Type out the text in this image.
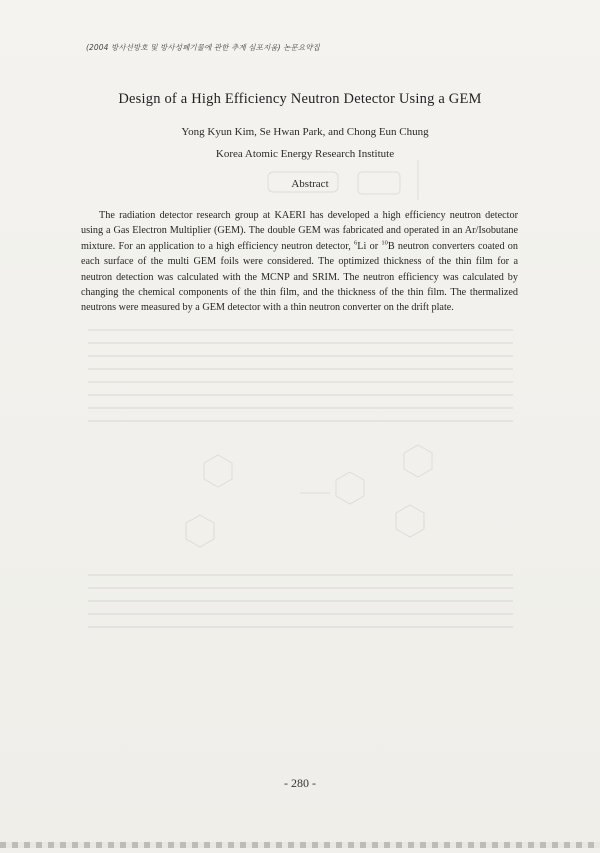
(2004 방사선방호 및 방사성폐기물에 관한 추계 심포지움) 논문요약집
Design of a High Efficiency Neutron Detector Using a GEM
Yong Kyun Kim, Se Hwan Park, and Chong Eun Chung
Korea Atomic Energy Research Institute
Abstract

The radiation detector research group at KAERI has developed a high efficiency neutron detector using a Gas Electron Multiplier (GEM). The double GEM was fabricated and operated in an Ar/Isobutane mixture. For an application to a high efficiency neutron detector, $^6$Li or $^{10}$B neutron converters coated on each surface of the multi GEM foils were considered. The optimized thickness of the thin film for a neutron detection was calculated with the MCNP and SRIM. The neutron efficiency was calculated by changing the chemical components of the thin film, and the thickness of the thin film. The thermalized neutrons were measured by a GEM detector with a thin neutron converter on the drift plate.

- 280 -
